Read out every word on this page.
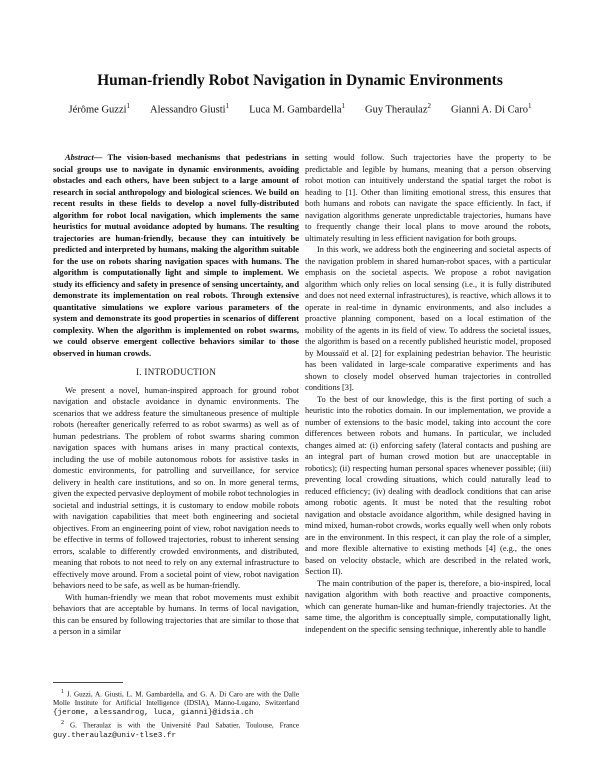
Human-friendly Robot Navigation in Dynamic Environments
Jérôme Guzzi$^1$ Alessandro Giusti$^1$ Luca M. Gambardella$^1$ Guy Theraulaz$^2$ Gianni A. Di Caro$^1$

Abstract— The vision-based mechanisms that pedestrians in social groups use to navigate in dynamic environments, avoiding obstacles and each others, have been subject to a large amount of research in social anthropology and biological sciences. We build on recent results in these fields to develop a novel fully-distributed algorithm for robot local navigation, which implements the same heuristics for mutual avoidance adopted by humans. The resulting trajectories are human-friendly, because they can intuitively be predicted and interpreted by humans, making the algorithm suitable for the use on robots sharing navigation spaces with humans. The algorithm is computationally light and simple to implement. We study its efficiency and safety in presence of sensing uncertainty, and demonstrate its implementation on real robots. Through extensive quantitative simulations we explore various parameters of the system and demonstrate its good properties in scenarios of different complexity. When the algorithm is implemented on robot swarms, we could observe emergent collective behaviors similar to those observed in human crowds.

I. INTRODUCTION

We present a novel, human-inspired approach for ground robot navigation and obstacle avoidance in dynamic environments. The scenarios that we address feature the simultaneous presence of multiple robots (hereafter generically referred to as robot swarms) as well as of human pedestrians. The problem of robot swarms sharing common navigation spaces with humans arises in many practical contexts, including the use of mobile autonomous robots for assistive tasks in domestic environments, for patrolling and surveillance, for service delivery in health care institutions, and so on. In more general terms, given the expected pervasive deployment of mobile robot technologies in societal and industrial settings, it is customary to endow mobile robots with navigation capabilities that meet both engineering and societal objectives. From an engineering point of view, robot navigation needs to be effective in terms of followed trajectories, robust to inherent sensing errors, scalable to differently crowded environments, and distributed, meaning that robots to not need to rely on any external infrastructure to effectively move around. From a societal point of view, robot navigation behaviors need to be safe, as well as be human-friendly.

With human-friendly we mean that robot movements must exhibit behaviors that are acceptable by humans. In terms of local navigation, this can be ensured by following trajectories that are similar to those that a person in a similar

$^1$ J. Guzzi, A. Giusti, L. M. Gambardella, and G. A. Di Caro are with the Dalle Molle Institute for Artificial Intelligence (IDSIA), Manno-Lugano, Switzerland {jerome, alessandrog, luca, gianni}@idsia.ch
$^2$ G. Theraulaz is with the Université Paul Sabatier, Toulouse, France guy.theraulaz@univ-tlse3.fr

setting would follow. Such trajectories have the property to be predictable and legible by humans, meaning that a person observing robot motion can intuitively understand the spatial target the robot is heading to [1]. Other than limiting emotional stress, this ensures that both humans and robots can navigate the space efficiently. In fact, if navigation algorithms generate unpredictable trajectories, humans have to frequently change their local plans to move around the robots, ultimately resulting in less efficient navigation for both groups.

In this work, we address both the engineering and societal aspects of the navigation problem in shared human-robot spaces, with a particular emphasis on the societal aspects. We propose a robot navigation algorithm which only relies on local sensing (i.e., it is fully distributed and does not need external infrastructures), is reactive, which allows it to operate in real-time in dynamic environments, and also includes a proactive planning component, based on a local estimation of the mobility of the agents in its field of view. To address the societal issues, the algorithm is based on a recently published heuristic model, proposed by Moussaïd et al. [2] for explaining pedestrian behavior. The heuristic has been validated in large-scale comparative experiments and has shown to closely model observed human trajectories in controlled conditions [3].

To the best of our knowledge, this is the first porting of such a heuristic into the robotics domain. In our implementation, we provide a number of extensions to the basic model, taking into account the core differences between robots and humans. In particular, we included changes aimed at: (i) enforcing safety (lateral contacts and pushing are an integral part of human crowd motion but are unacceptable in robotics); (ii) respecting human personal spaces whenever possible; (iii) preventing local crowding situations, which could naturally lead to reduced efficiency; (iv) dealing with deadlock conditions that can arise among robotic agents. It must be noted that the resulting robot navigation and obstacle avoidance algorithm, while designed having in mind mixed, human-robot crowds, works equally well when only robots are in the environment. In this respect, it can play the role of a simpler, and more flexible alternative to existing methods [4] (e.g., the ones based on velocity obstacle, which are described in the related work, Section II).

The main contribution of the paper is, therefore, a bio-inspired, local navigation algorithm with both reactive and proactive components, which can generate human-like and human-friendly trajectories. At the same time, the algorithm is conceptually simple, computationally light, independent on the specific sensing technique, inherently able to handle
